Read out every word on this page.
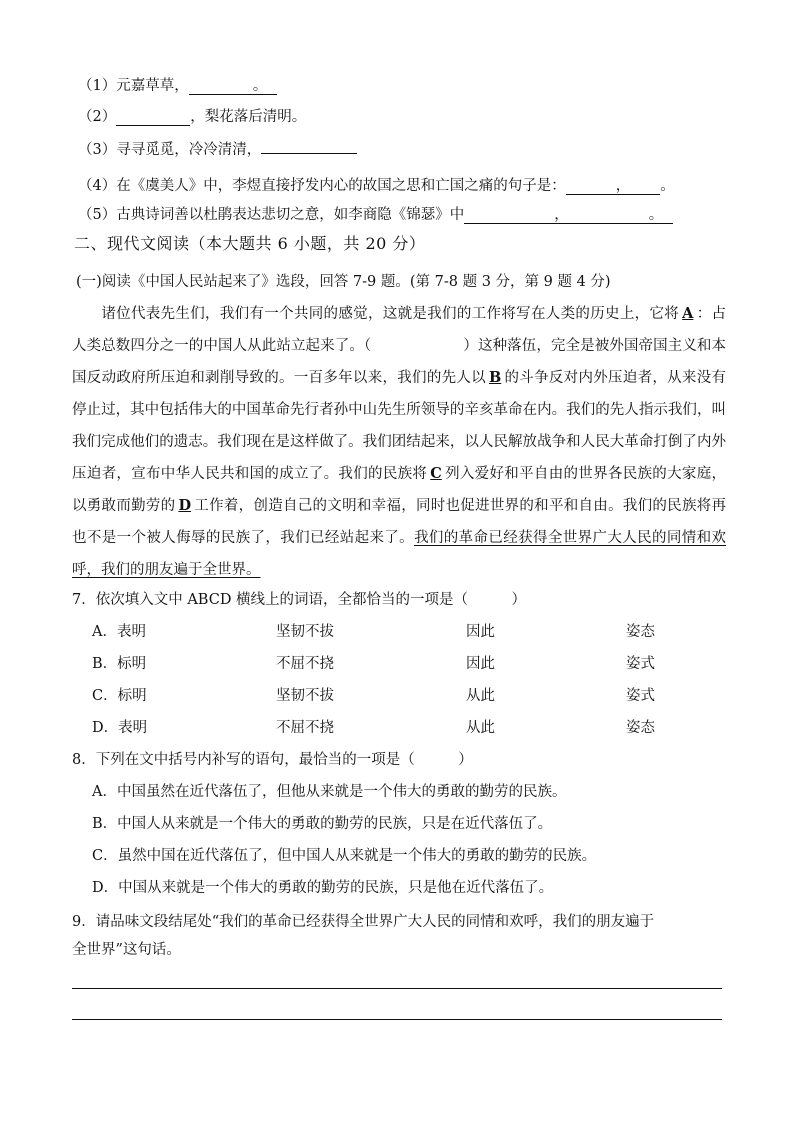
（1）元嘉草草，	。
（2）	，梨花落后清明。
（3）寻寻觅觅，冷冷清清，
（4）在《虞美人》中，李煜直接抒发内心的故国之思和亡国之痛的句子是：	， 。
（5）古典诗词善以杜鹃表达悲切之意，如李商隐《锦瑟》中	，	。
二、现代文阅读（本大题共 6 小题，共 20 分）
(一)阅读《中国人民站起来了》选段，回答 7-9 题。(第 7-8 题 3 分，第 9 题 4 分)
诸位代表先生们，我们有一个共同的感觉，这就是我们的工作将写在人类的历史上，它将 A ：占人类总数四分之一的中国人从此站立起来了。（	）这种落伍，完全是被外国帝国主义和本国反动政府所压迫和剥削导致的。一百多年以来，我们的先人以 B 的斗争反对内外压迫者，从来没有停止过，其中包括伟大的中国革命先行者孙中山先生所领导的辛亥革命在内。我们的先人指示我们，叫我们完成他们的遗志。我们现在是这样做了。我们团结起来，以人民解放战争和人民大革命打倒了内外压迫者，宣布中华人民共和国的成立了。我们的民族将 C 列入爱好和平自由的世界各民族的大家庭，以勇敢而勤劳的 D 工作着，创造自己的文明和幸福，同时也促进世界的和平和自由。我们的民族将再也不是一个被人侮辱的民族了，我们已经站起来了。我们的革命已经获得全世界广大人民的同情和欢呼，我们的朋友遍于全世界。
7．依次填入文中 ABCD 横线上的词语，全都恰当的一项是（　　　）
A．表明	坚韧不拔	因此	姿态
B．标明	不屈不挠	因此	姿式
C．标明	坚韧不拔	从此	姿式
D．表明	不屈不挠	从此	姿态
8．下列在文中括号内补写的语句，最恰当的一项是（　　　）
A．中国虽然在近代落伍了，但他从来就是一个伟大的勇敢的勤劳的民族。
B．中国人从来就是一个伟大的勇敢的勤劳的民族，只是在近代落伍了。
C．虽然中国在近代落伍了，但中国人从来就是一个伟大的勇敢的勤劳的民族。
D．中国从来就是一个伟大的勇敢的勤劳的民族，只是他在近代落伍了。
9．请品味文段结尾处“我们的革命已经获得全世界广大人民的同情和欢呼，我们的朋友遍于
全世界”这句话。
